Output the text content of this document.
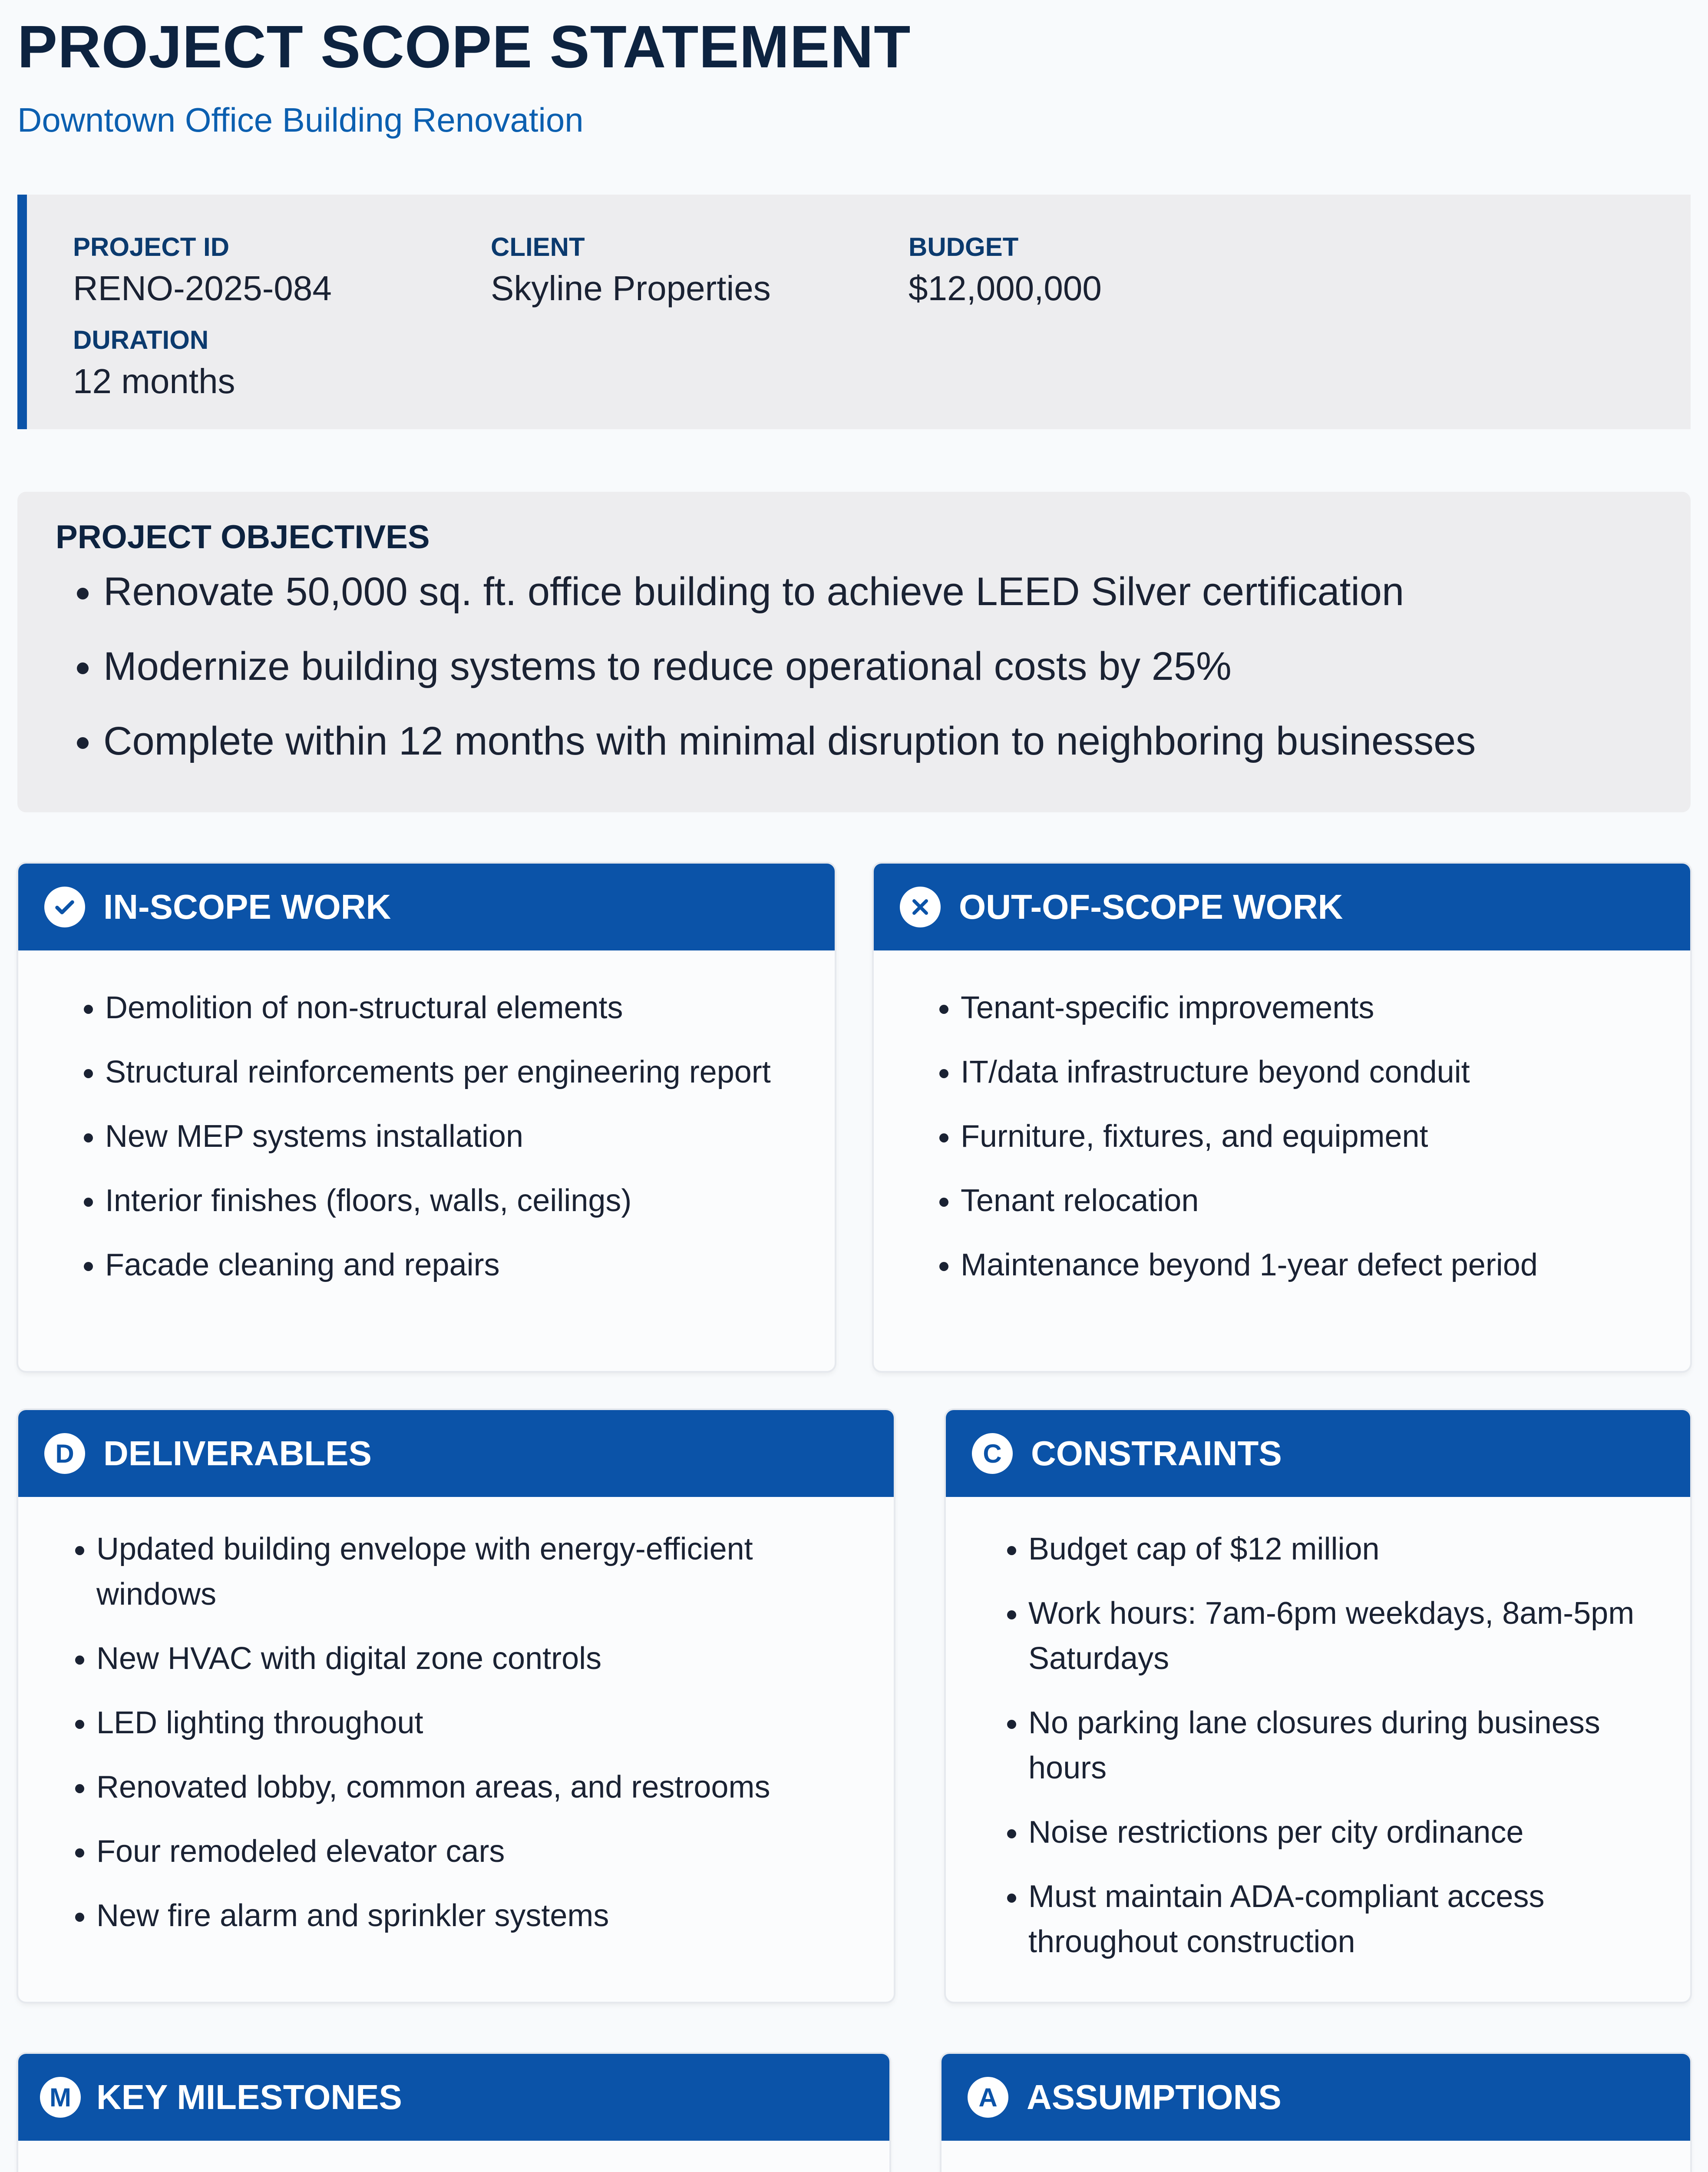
PROJECT SCOPE STATEMENT
Downtown Office Building Renovation
PROJECT ID
RENO-2025-084
CLIENT
Skyline Properties
BUDGET
$12,000,000
DURATION
12 months
PROJECT OBJECTIVES
• Renovate 50,000 sq. ft. office building to achieve LEED Silver certification
• Modernize building systems to reduce operational costs by 25%
• Complete within 12 months with minimal disruption to neighboring businesses
IN-SCOPE WORK
• Demolition of non-structural elements
• Structural reinforcements per engineering report
• New MEP systems installation
• Interior finishes (floors, walls, ceilings)
• Facade cleaning and repairs
OUT-OF-SCOPE WORK
• Tenant-specific improvements
• IT/data infrastructure beyond conduit
• Furniture, fixtures, and equipment
• Tenant relocation
• Maintenance beyond 1-year defect period
D DELIVERABLES
• Updated building envelope with energy-efficient windows
• New HVAC with digital zone controls
• LED lighting throughout
• Renovated lobby, common areas, and restrooms
• Four remodeled elevator cars
• New fire alarm and sprinkler systems
C CONSTRAINTS
• Budget cap of $12 million
• Work hours: 7am-6pm weekdays, 8am-5pm Saturdays
• No parking lane closures during business hours
• Noise restrictions per city ordinance
• Must maintain ADA-compliant access throughout construction
M KEY MILESTONES	A ASSUMPTIONS
